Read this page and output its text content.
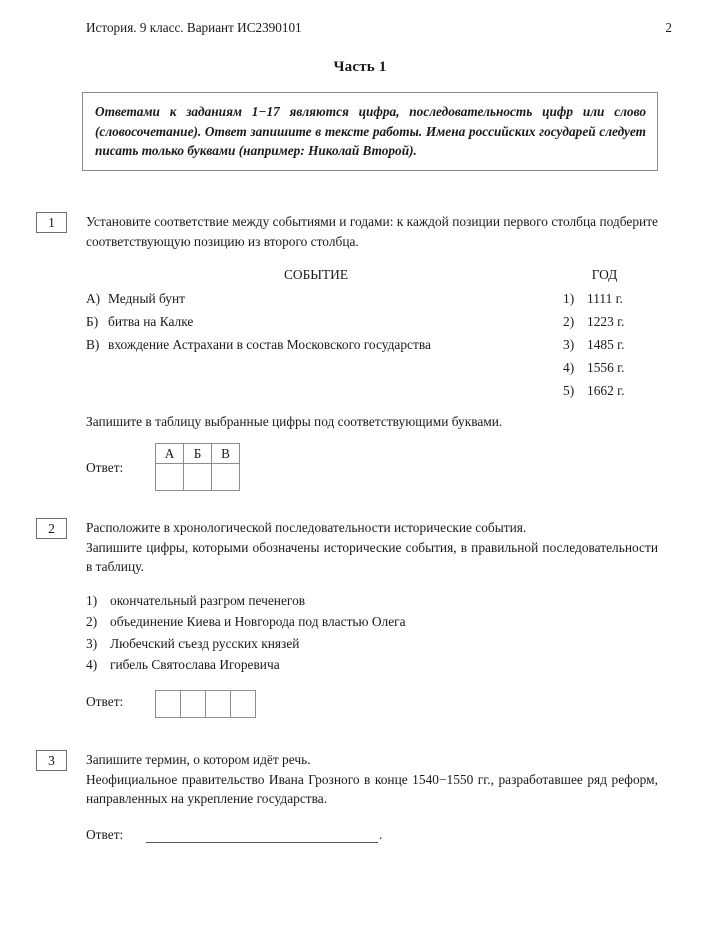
История. 9 класс. Вариант ИС2390101	2
Часть 1

Ответами к заданиям 1−17 являются цифра, последовательность цифр или слово (словосочетание). Ответ запишите в тексте работы. Имена российских государей следует писать только буквами (например: Николай Второй).

1	Установите соответствие между событиями и годами: к каждой позиции первого столбца подберите соответствующую позицию из второго столбца.

СОБЫТИЕ	ГОД
А) Медный бунт
Б) битва на Калке
В) вхождение Астрахани в состав Московского государства
1) 1111 г.
2) 1223 г.
3) 1485 г.
4) 1556 г.
5) 1662 г.
Запишите в таблицу выбранные цифры под соответствующими буквами.
Ответ:
А	Б	В

2	Расположите в хронологической последовательности исторические события.

Запишите цифры, которыми обозначены исторические события, в правильной последовательности в таблицу.

1) окончательный разгром печенегов
2) объединение Киева и Новгорода под властью Олега
3) Любечский съезд русских князей
4) гибель Святослава Игоревича
Ответ:

3	Запишите термин, о котором идёт речь.

Неофициальное правительство Ивана Грозного в конце 1540−1550 гг., разработавшее ряд реформ, направленных на укрепление государства.

Ответ:	.
